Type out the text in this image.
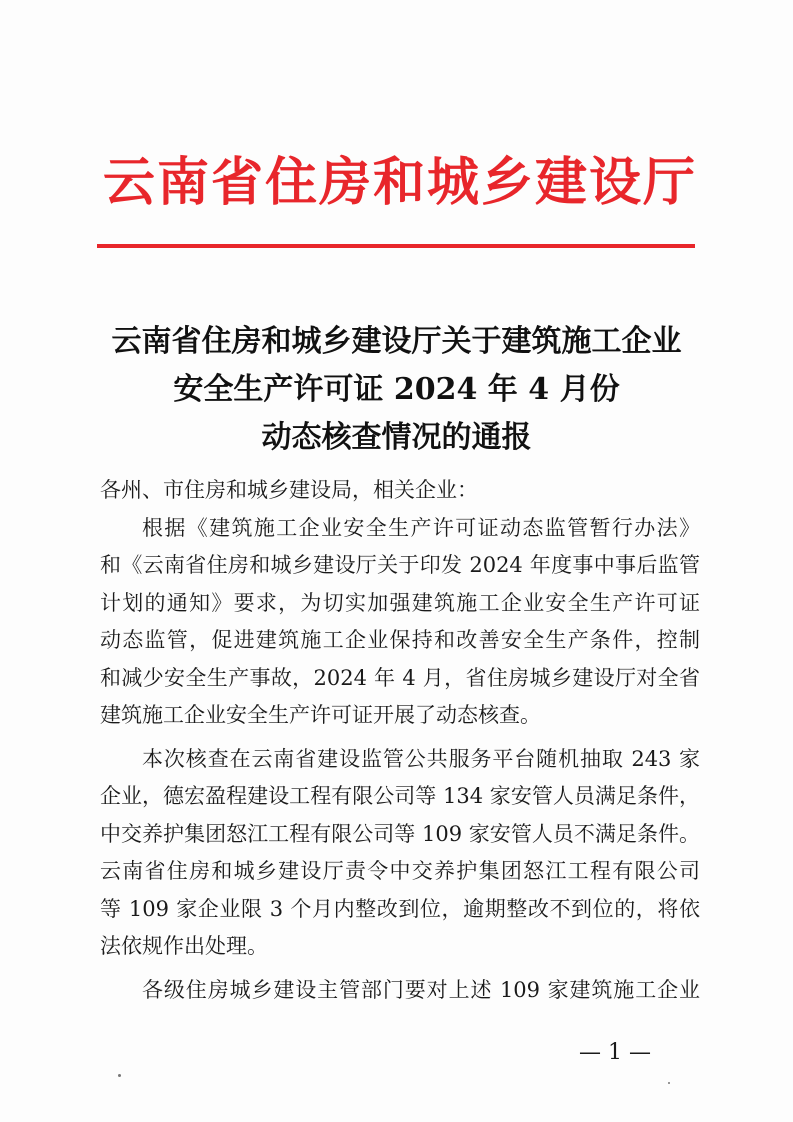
云南省住房和城乡建设厅
云南省住房和城乡建设厅关于建筑施工企业
安全生产许可证 2024 年 4 月份
动态核查情况的通报

各州、市住房和城乡建设局，相关企业：

根据《建筑施工企业安全生产许可证动态监管暂行办法》
和《云南省住房和城乡建设厅关于印发 2024 年度事中事后监管
计划的通知》要求，为切实加强建筑施工企业安全生产许可证
动态监管，促进建筑施工企业保持和改善安全生产条件，控制
和减少安全生产事故，2024 年 4 月，省住房城乡建设厅对全省
建筑施工企业安全生产许可证开展了动态核查。

本次核查在云南省建设监管公共服务平台随机抽取 243 家
企业，德宏盈程建设工程有限公司等 134 家安管人员满足条件，
中交养护集团怒江工程有限公司等 109 家安管人员不满足条件。
云南省住房和城乡建设厅责令中交养护集团怒江工程有限公司
等 109 家企业限 3 个月内整改到位，逾期整改不到位的，将依
法依规作出处理。

各级住房城乡建设主管部门要对上述 109 家建筑施工企业

— 1 —
